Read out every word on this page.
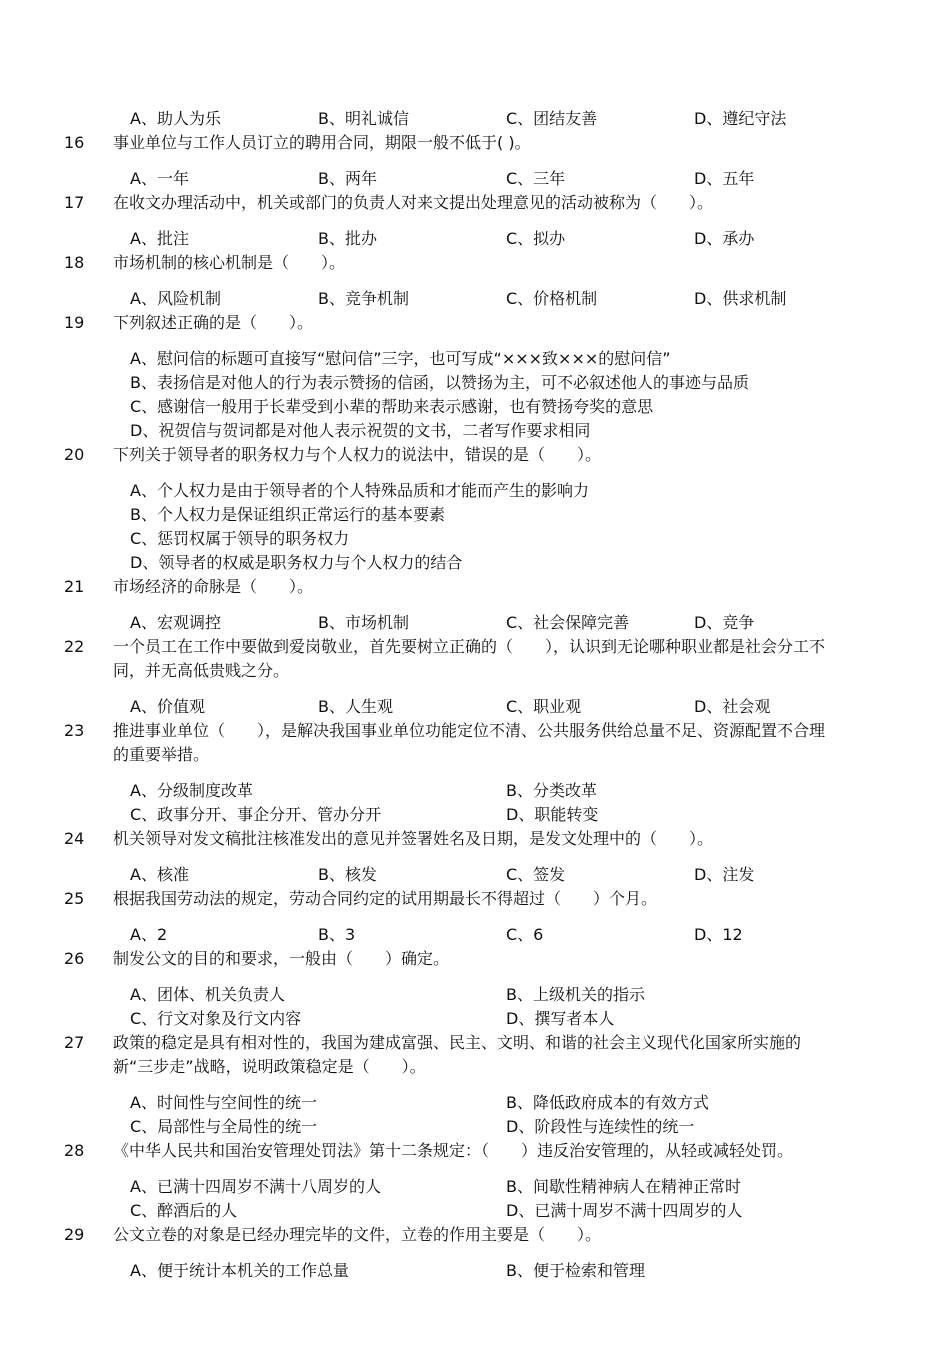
A、助人为乐	B、明礼诚信	C、团结友善	D、遵纪守法
16	事业单位与工作人员订立的聘用合同，期限一般不低于( )。
A、一年	B、两年	C、三年	D、五年
17	在收文办理活动中，机关或部门的负责人对来文提出处理意见的活动被称为（　　）。
A、批注	B、批办	C、拟办	D、承办
18	市场机制的核心机制是（　　）。
A、风险机制	B、竞争机制	C、价格机制	D、供求机制
19	下列叙述正确的是（　　）。
A、慰问信的标题可直接写“慰问信”三字，也可写成“×××致×××的慰问信”
B、表扬信是对他人的行为表示赞扬的信函，以赞扬为主，可不必叙述他人的事迹与品质
C、感谢信一般用于长辈受到小辈的帮助来表示感谢，也有赞扬夸奖的意思
D、祝贺信与贺词都是对他人表示祝贺的文书，二者写作要求相同
20	下列关于领导者的职务权力与个人权力的说法中，错误的是（　　）。
A、个人权力是由于领导者的个人特殊品质和才能而产生的影响力
B、个人权力是保证组织正常运行的基本要素
C、惩罚权属于领导的职务权力
D、领导者的权威是职务权力与个人权力的结合
21	市场经济的命脉是（　　）。
A、宏观调控	B、市场机制	C、社会保障完善	D、竞争
22	一个员工在工作中要做到爱岗敬业，首先要树立正确的（　　），认识到无论哪种职业都是社会分工不
同，并无高低贵贱之分。
A、价值观	B、人生观	C、职业观	D、社会观
23	推进事业单位（　　），是解决我国事业单位功能定位不清、公共服务供给总量不足、资源配置不合理
的重要举措。
A、分级制度改革	B、分类改革
C、政事分开、事企分开、管办分开	D、职能转变
24	机关领导对发文稿批注核准发出的意见并签署姓名及日期，是发文处理中的（　　）。
A、核准	B、核发	C、签发	D、注发
25	根据我国劳动法的规定，劳动合同约定的试用期最长不得超过（　　）个月。
A、2	B、3	C、6	D、12
26	制发公文的目的和要求，一般由（　　）确定。
A、团体、机关负责人	B、上级机关的指示
C、行文对象及行文内容	D、撰写者本人
27	政策的稳定是具有相对性的，我国为建成富强、民主、文明、和谐的社会主义现代化国家所实施的
新“三步走”战略，说明政策稳定是（　　）。
A、时间性与空间性的统一	B、降低政府成本的有效方式
C、局部性与全局性的统一	D、阶段性与连续性的统一
28	《中华人民共和国治安管理处罚法》第十二条规定：（　　）违反治安管理的，从轻或减轻处罚。
A、已满十四周岁不满十八周岁的人	B、间歇性精神病人在精神正常时
C、醉酒后的人	D、已满十周岁不满十四周岁的人
29	公文立卷的对象是已经办理完毕的文件，立卷的作用主要是（　　）。
A、便于统计本机关的工作总量	B、便于检索和管理
